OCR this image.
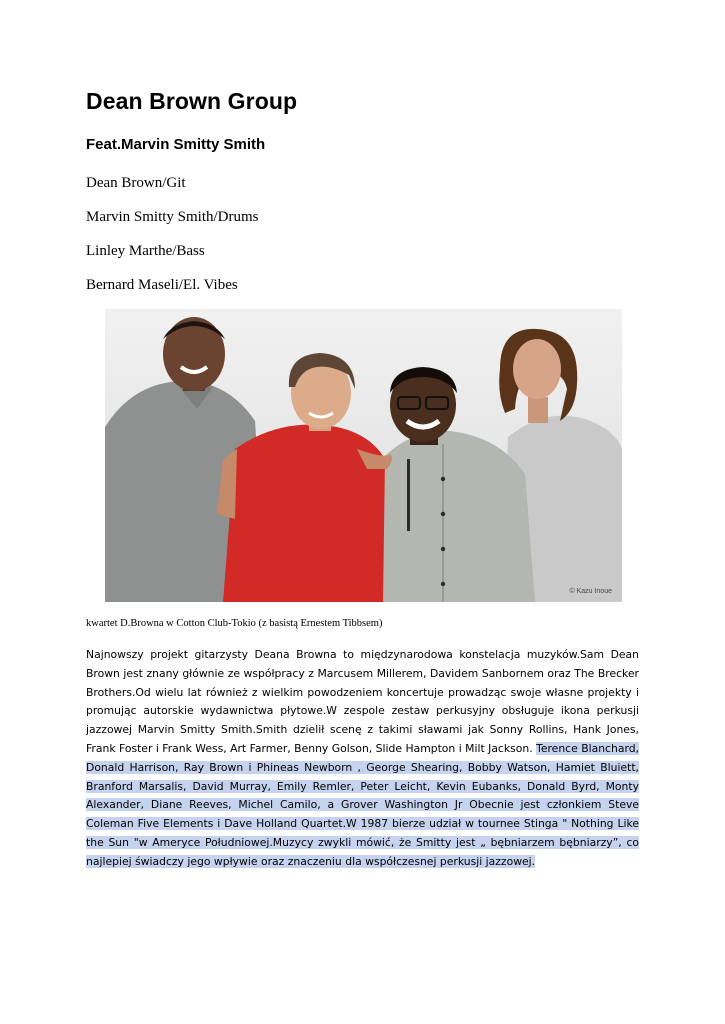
Dean Brown Group
Feat.Marvin Smitty Smith
Dean Brown/Git
Marvin Smitty Smith/Drums
Linley Marthe/Bass
Bernard Maseli/El. Vibes
© Kazu Inoue
kwartet D.Browna w Cotton Club-Tokio (z basistą Ernestem Tibbsem)

Najnowszy projekt gitarzysty Deana Browna to międzynarodowa konstelacja muzyków.Sam Dean Brown jest znany głównie ze współpracy z Marcusem Millerem, Davidem Sanbornem oraz The Brecker Brothers.Od wielu lat również z wielkim powodzeniem koncertuje prowadząc swoje własne projekty i promując autorskie wydawnictwa płytowe.W zespole zestaw perkusyjny obsługuje ikona perkusji jazzowej Marvin Smitty Smith.Smith dzielił scenę z takimi sławami jak Sonny Rollins, Hank Jones, Frank Foster i Frank Wess, Art Farmer, Benny Golson, Slide Hampton i Milt Jackson. Terence Blanchard, Donald Harrison, Ray Brown i Phineas Newborn , George Shearing, Bobby Watson, Hamiet Bluiett, Branford Marsalis, David Murray, Emily Remler, Peter Leicht, Kevin Eubanks, Donald Byrd, Monty Alexander, Diane Reeves, Michel Camilo, a Grover Washington Jr Obecnie jest członkiem Steve Coleman Five Elements i Dave Holland Quartet.W 1987 bierze udział w tournee Stinga " Nothing Like the Sun "w Ameryce Południowej.Muzycy zwykli mówić, że Smitty jest „ bębniarzem bębniarzy”, co najlepiej świadczy jego wpływie oraz znaczeniu dla współczesnej perkusji jazzowej.
